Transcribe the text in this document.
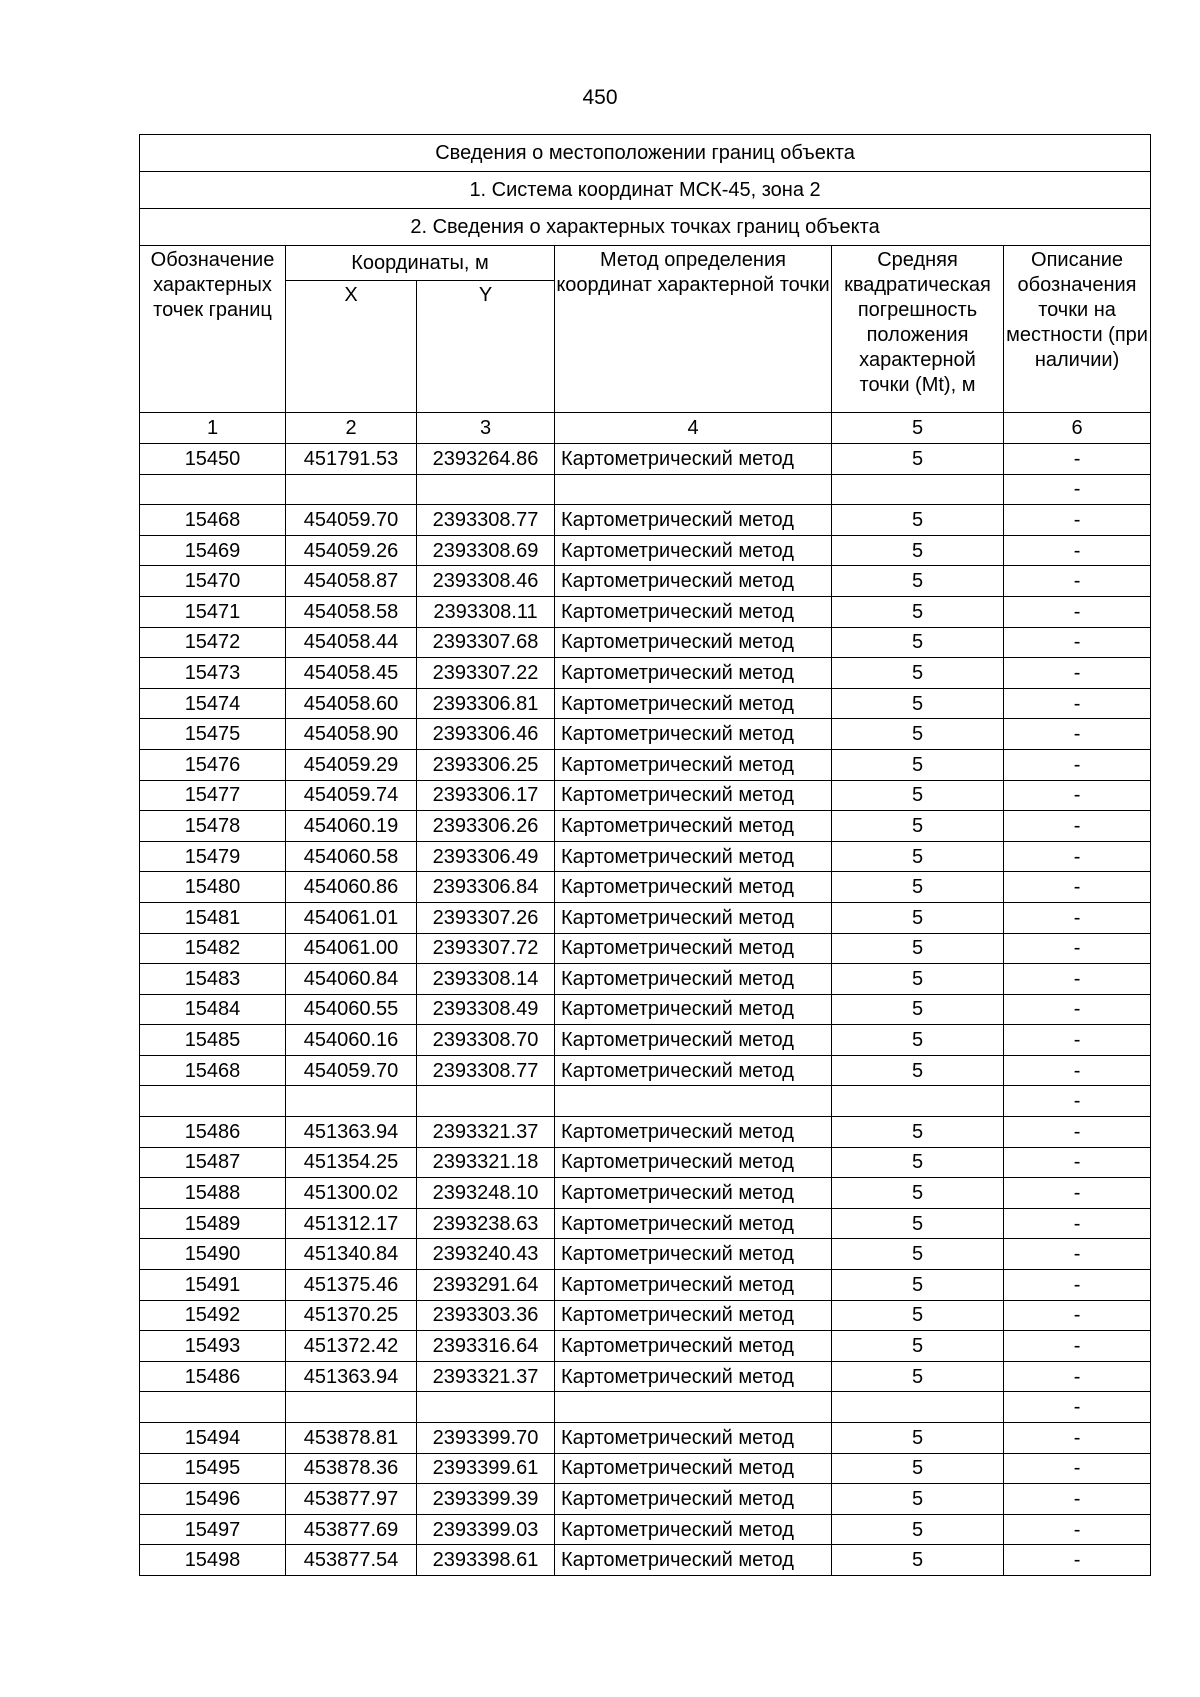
450
Сведения о местоположении границ объекта					
1. Система координат МСК-45, зона 2					
2. Сведения о характерных точках границ объекта					
Обозначение характерных точек границ	Координаты, м		Метод определения координат характерной точки	Средняя квадратическая погрешность положения характерной точки (Mt), м	Описание обозначения точки на местности (при наличии)
	X	Y			
1	2	3	4	5	6
15450	451791.53	2393264.86	Картометрический метод	5	-
					-
15468	454059.70	2393308.77	Картометрический метод	5	-
15469	454059.26	2393308.69	Картометрический метод	5	-
15470	454058.87	2393308.46	Картометрический метод	5	-
15471	454058.58	2393308.11	Картометрический метод	5	-
15472	454058.44	2393307.68	Картометрический метод	5	-
15473	454058.45	2393307.22	Картометрический метод	5	-
15474	454058.60	2393306.81	Картометрический метод	5	-
15475	454058.90	2393306.46	Картометрический метод	5	-
15476	454059.29	2393306.25	Картометрический метод	5	-
15477	454059.74	2393306.17	Картометрический метод	5	-
15478	454060.19	2393306.26	Картометрический метод	5	-
15479	454060.58	2393306.49	Картометрический метод	5	-
15480	454060.86	2393306.84	Картометрический метод	5	-
15481	454061.01	2393307.26	Картометрический метод	5	-
15482	454061.00	2393307.72	Картометрический метод	5	-
15483	454060.84	2393308.14	Картометрический метод	5	-
15484	454060.55	2393308.49	Картометрический метод	5	-
15485	454060.16	2393308.70	Картометрический метод	5	-
15468	454059.70	2393308.77	Картометрический метод	5	-
					-
15486	451363.94	2393321.37	Картометрический метод	5	-
15487	451354.25	2393321.18	Картометрический метод	5	-
15488	451300.02	2393248.10	Картометрический метод	5	-
15489	451312.17	2393238.63	Картометрический метод	5	-
15490	451340.84	2393240.43	Картометрический метод	5	-
15491	451375.46	2393291.64	Картометрический метод	5	-
15492	451370.25	2393303.36	Картометрический метод	5	-
15493	451372.42	2393316.64	Картометрический метод	5	-
15486	451363.94	2393321.37	Картометрический метод	5	-
					-
15494	453878.81	2393399.70	Картометрический метод	5	-
15495	453878.36	2393399.61	Картометрический метод	5	-
15496	453877.97	2393399.39	Картометрический метод	5	-
15497	453877.69	2393399.03	Картометрический метод	5	-
15498	453877.54	2393398.61	Картометрический метод	5	-
